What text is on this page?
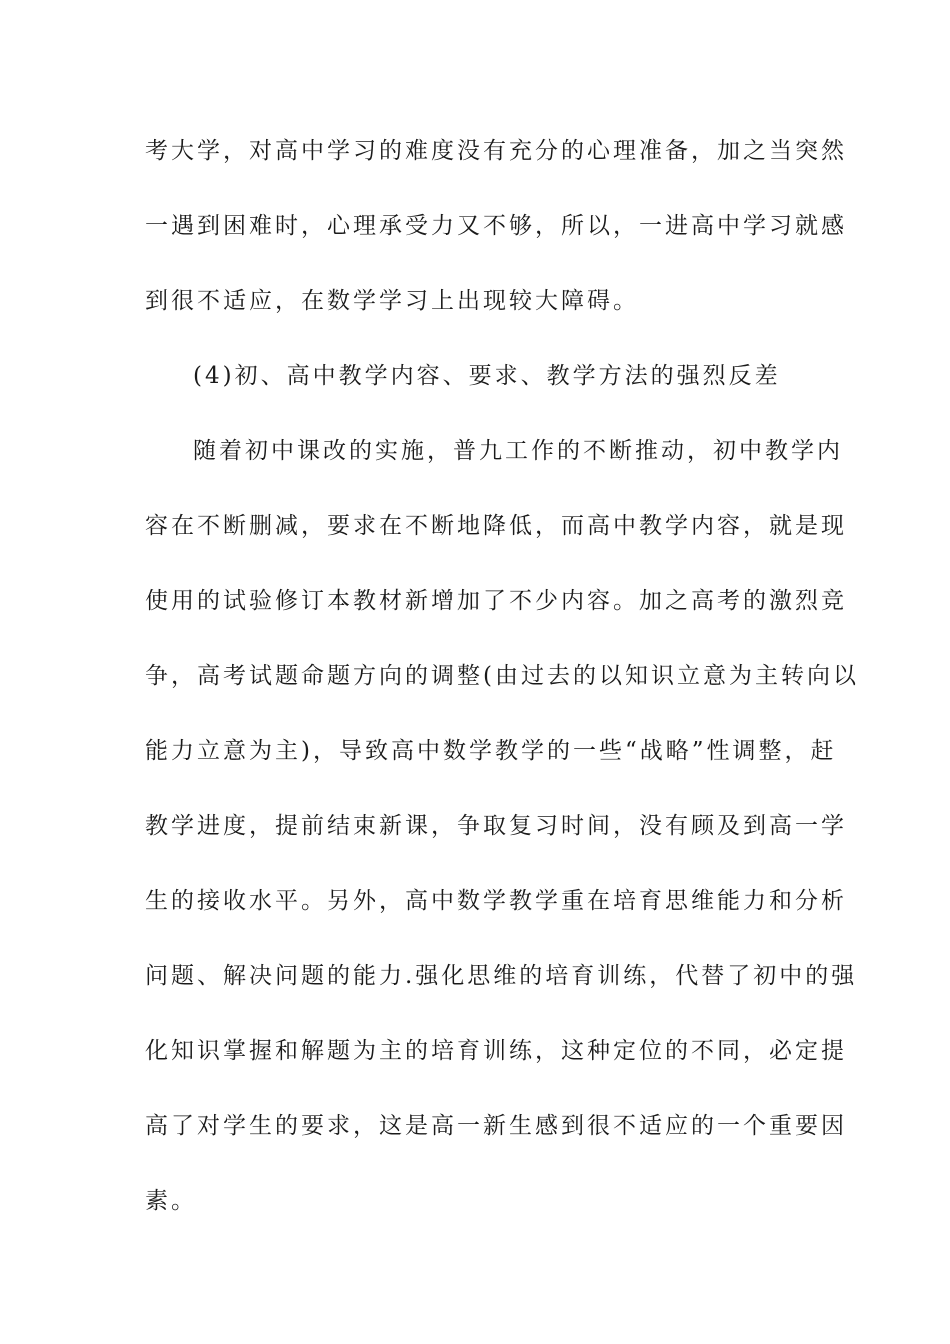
考大学，对高中学习的难度没有充分的心理准备，加之当突然
一遇到困难时，心理承受力又不够，所以，一进高中学习就感
到很不适应，在数学学习上出现较大障碍。
(4)初、高中教学内容、要求、教学方法的强烈反差
随着初中课改的实施，普九工作的不断推动，初中教学内
容在不断删减，要求在不断地降低，而高中教学内容，就是现
使用的试验修订本教材新增加了不少内容。加之高考的激烈竞
争，高考试题命题方向的调整(由过去的以知识立意为主转向以
能力立意为主)，导致高中数学教学的一些“战略”性调整，赶
教学进度，提前结束新课，争取复习时间，没有顾及到高一学
生的接收水平。另外，高中数学教学重在培育思维能力和分析
问题、解决问题的能力.强化思维的培育训练，代替了初中的强
化知识掌握和解题为主的培育训练，这种定位的不同，必定提
高了对学生的要求，这是高一新生感到很不适应的一个重要因
素。
